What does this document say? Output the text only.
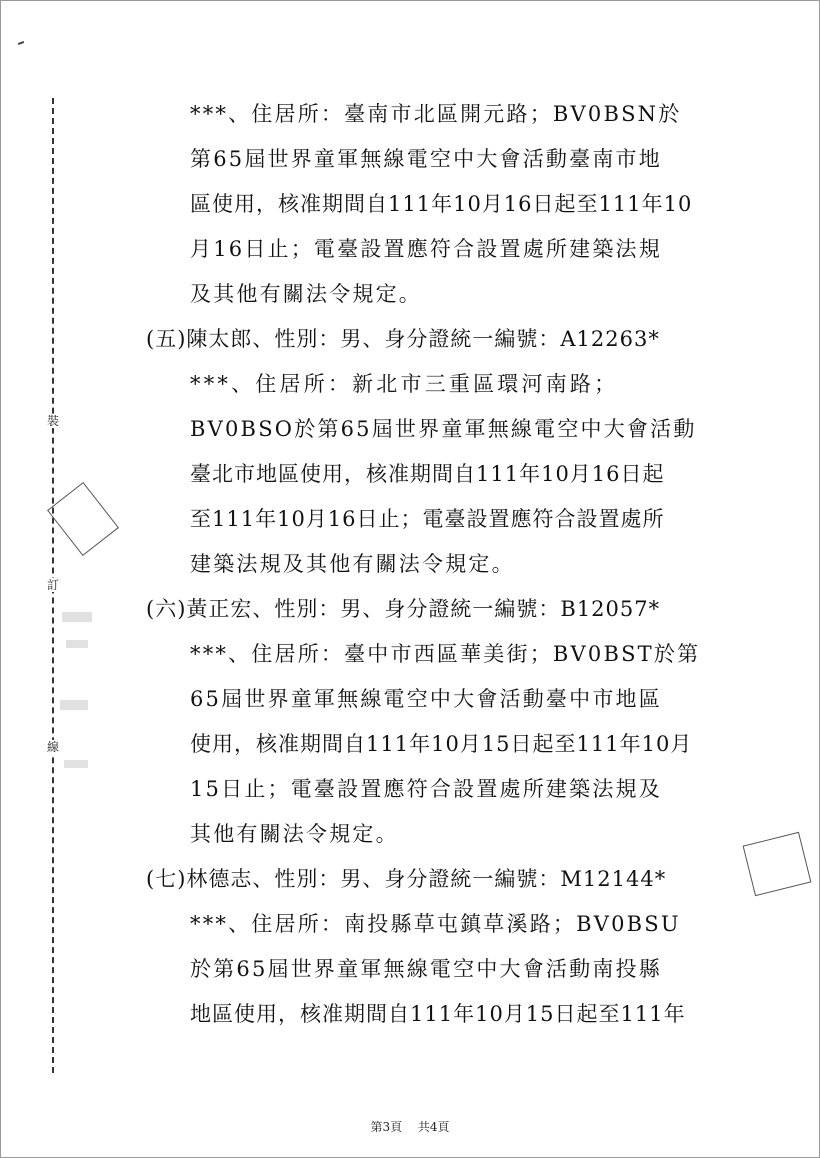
裝
訂
線
***、住居所：臺南市北區開元路；BV0BSN於
第65屆世界童軍無線電空中大會活動臺南市地
區使用，核准期間自111年10月16日起至111年10
月16日止；電臺設置應符合設置處所建築法規
及其他有關法令規定。
(五)陳太郎、性別：男、身分證統一編號：A12263*
***、住居所：新北市三重區環河南路；
BV0BSO於第65屆世界童軍無線電空中大會活動
臺北市地區使用，核准期間自111年10月16日起
至111年10月16日止；電臺設置應符合設置處所
建築法規及其他有關法令規定。
(六)黃正宏、性別：男、身分證統一編號：B12057*
***、住居所：臺中市西區華美街；BV0BST於第
65屆世界童軍無線電空中大會活動臺中市地區
使用，核准期間自111年10月15日起至111年10月
15日止；電臺設置應符合設置處所建築法規及
其他有關法令規定。
(七)林德志、性別：男、身分證統一編號：M12144*
***、住居所：南投縣草屯鎮草溪路；BV0BSU
於第65屆世界童軍無線電空中大會活動南投縣
地區使用，核准期間自111年10月15日起至111年
第3頁 共4頁
